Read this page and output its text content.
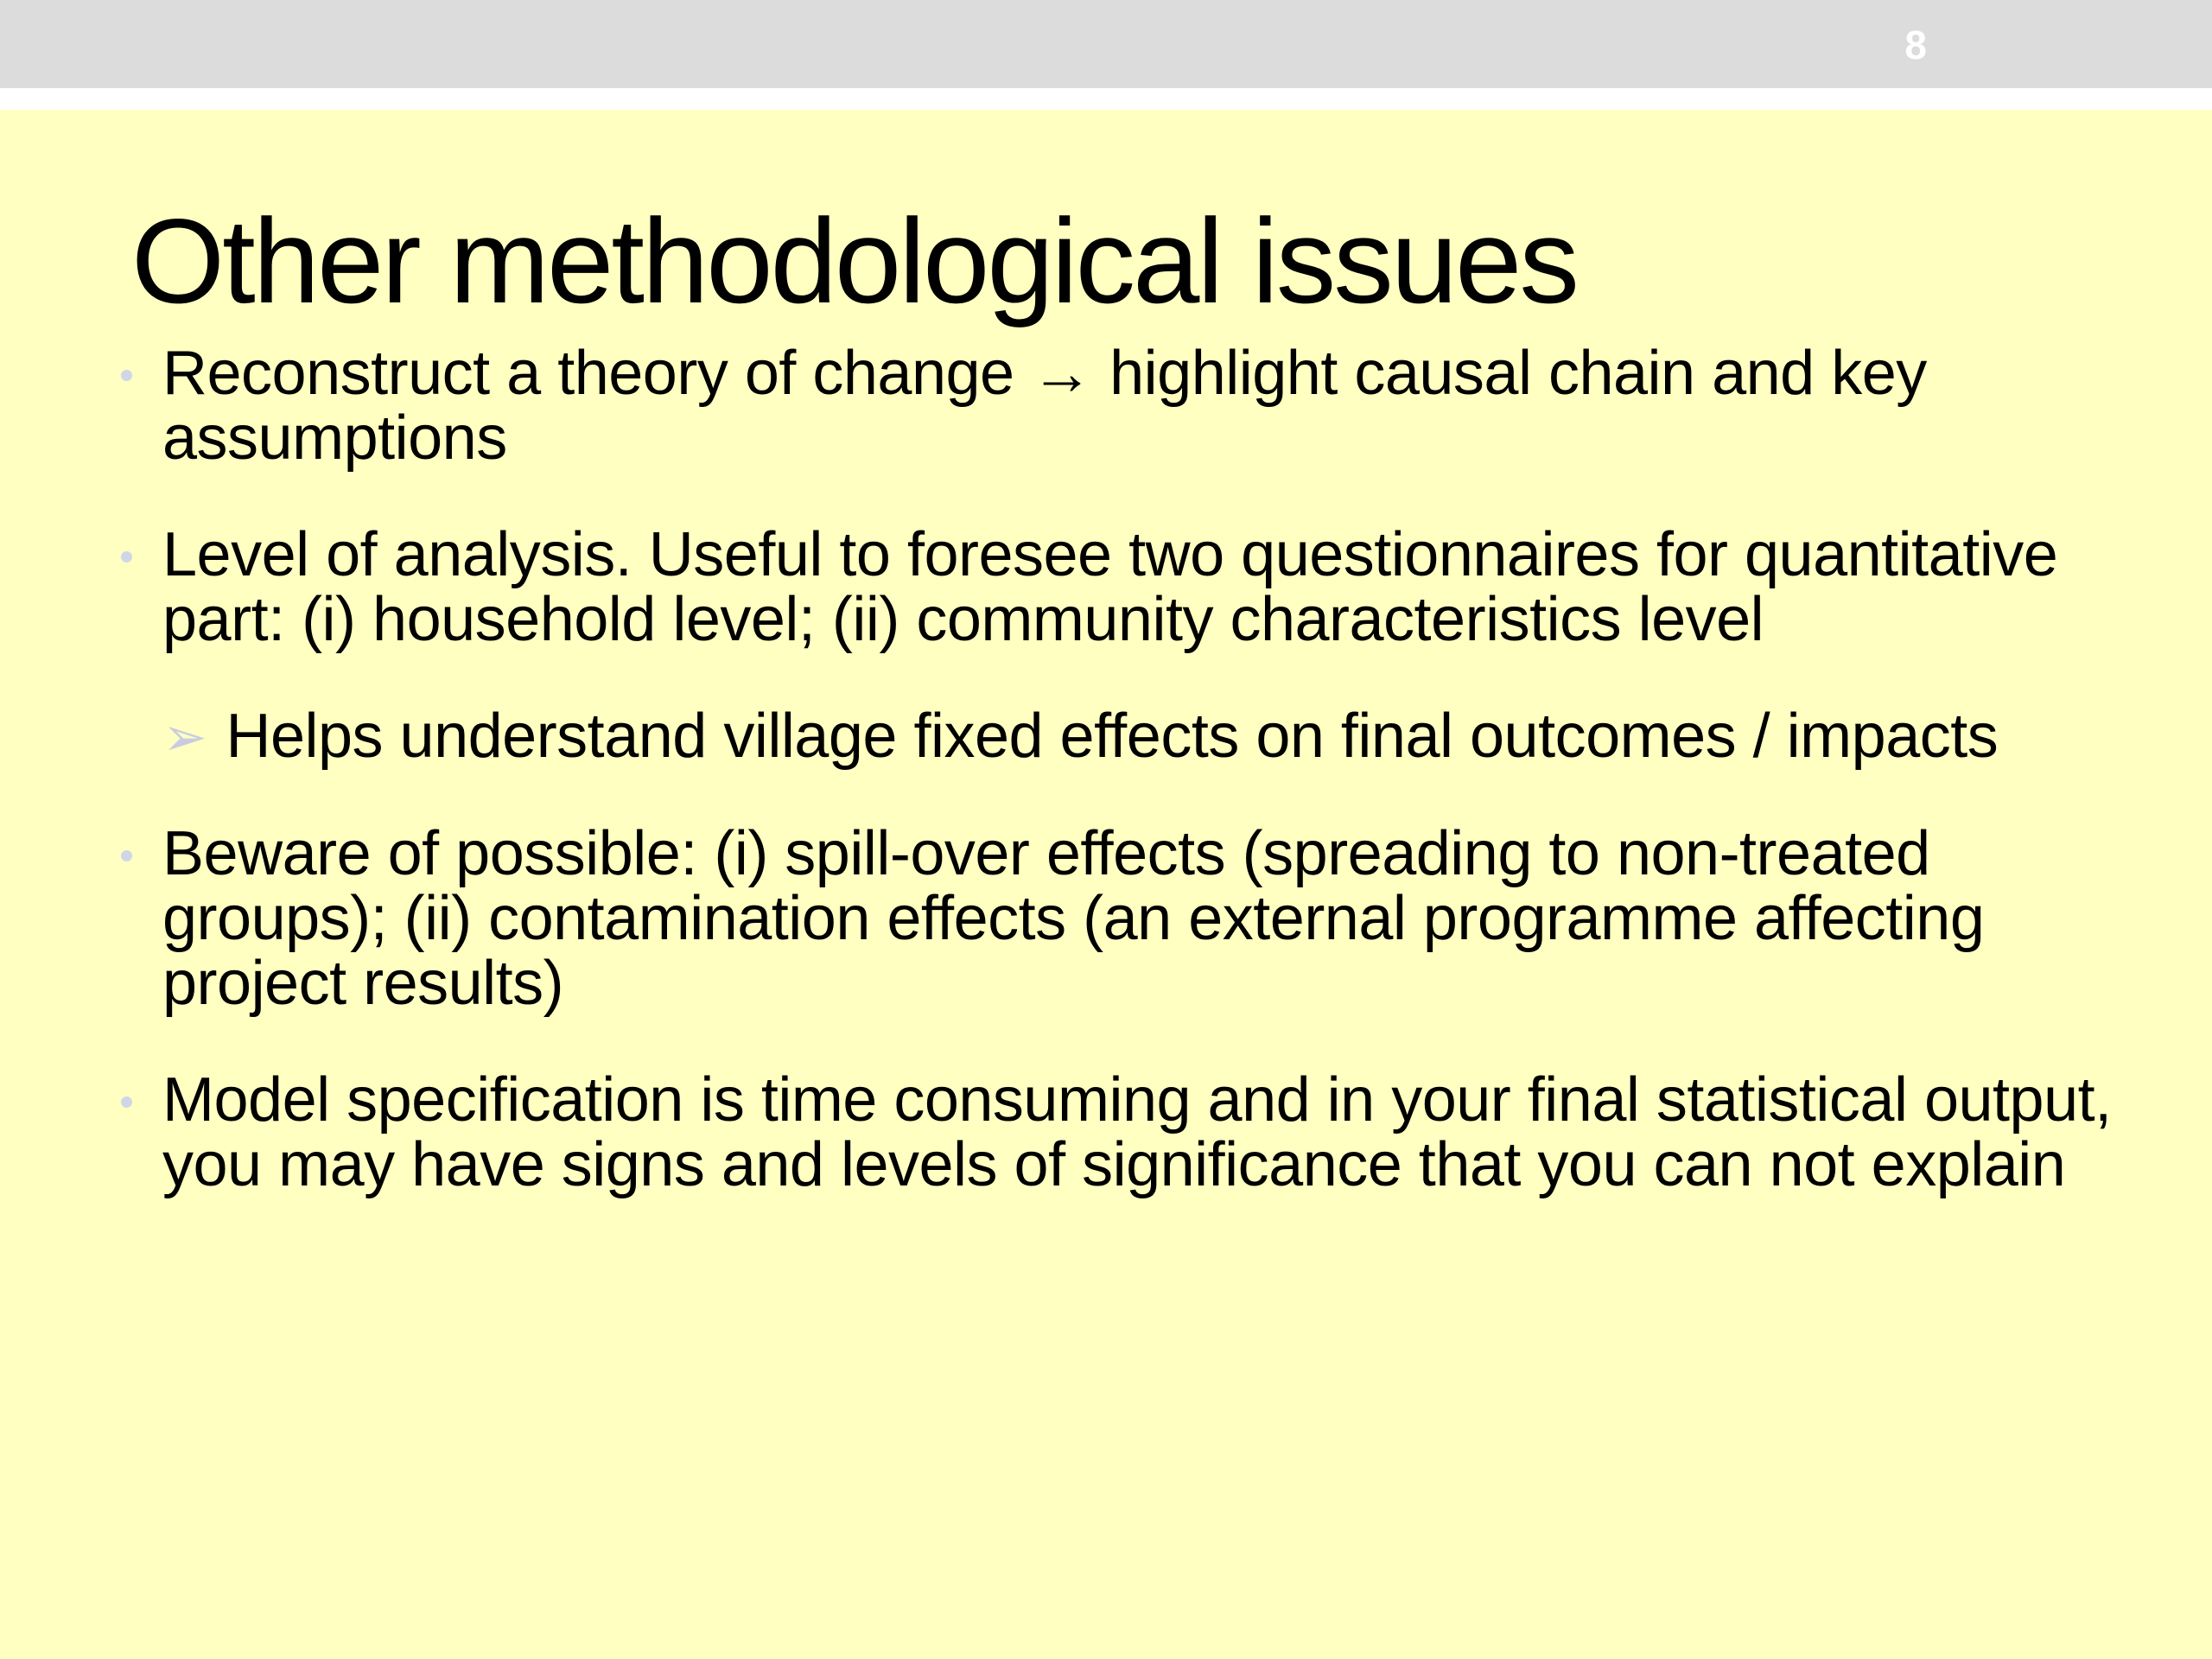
8
Other methodological issues
Reconstruct a theory of change → highlight causal chain and key assumptions
Level of analysis. Useful to foresee two questionnaires for quantitative part: (i) household level; (ii) community characteristics level
➢ Helps understand village fixed effects on final outcomes / impacts
Beware of possible: (i) spill-over effects (spreading to non-treated groups); (ii) contamination effects (an external programme affecting project results)
Model specification is time consuming and in your final statistical output, you may have signs and levels of significance that you can not explain
